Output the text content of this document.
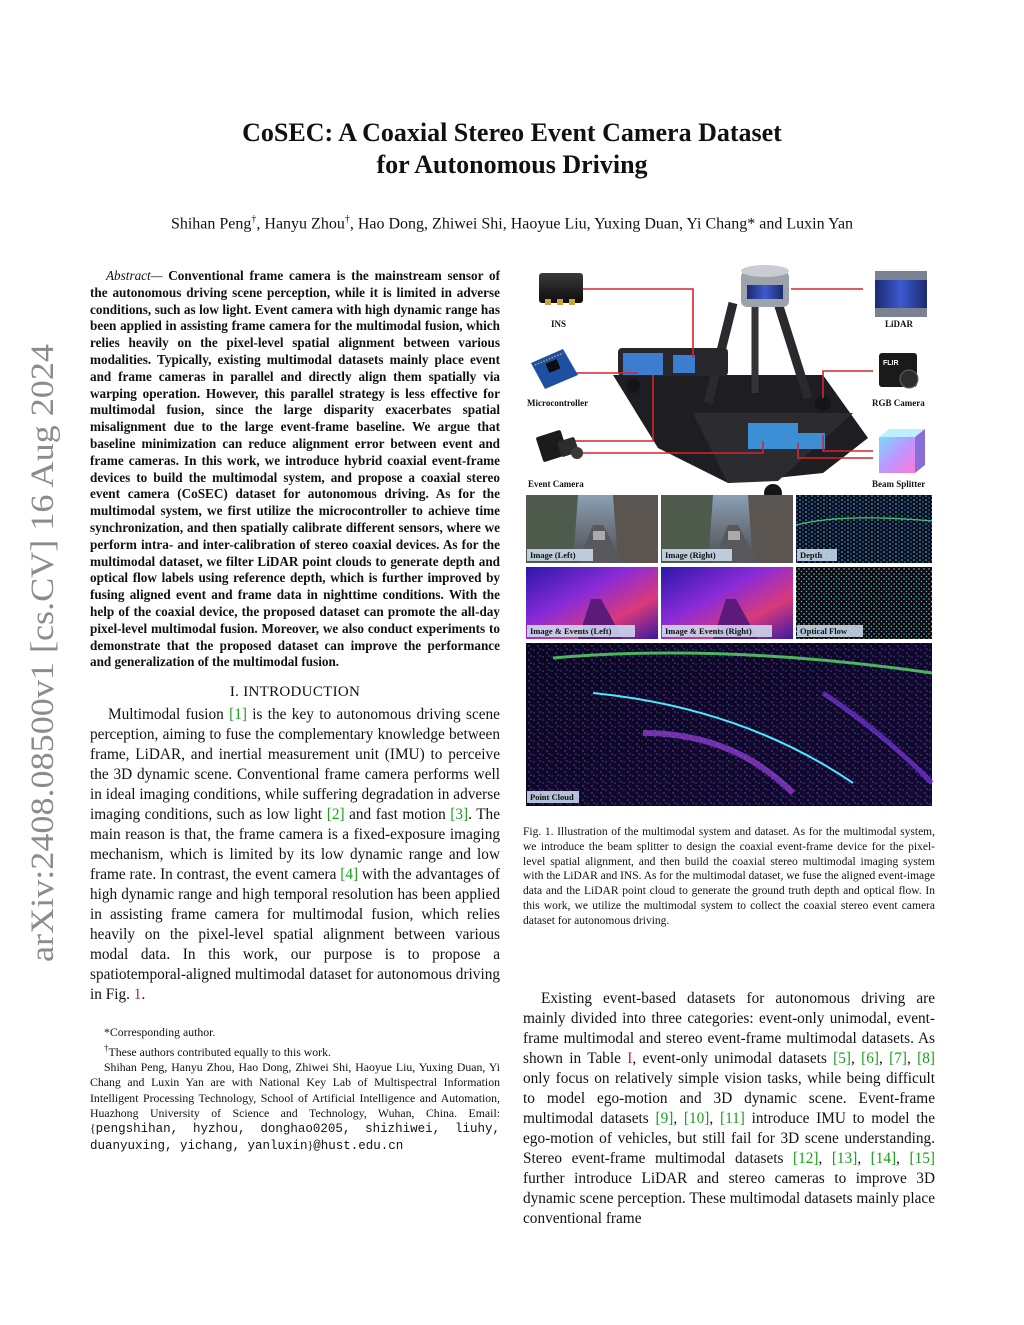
arXiv:2408.08500v1 [cs.CV] 16 Aug 2024
CoSEC: A Coaxial Stereo Event Camera Dataset
for Autonomous Driving
Shihan Peng†, Hanyu Zhou†, Hao Dong, Zhiwei Shi, Haoyue Liu, Yuxing Duan, Yi Chang* and Luxin Yan

Abstract— Conventional frame camera is the mainstream sensor of the autonomous driving scene perception, while it is limited in adverse conditions, such as low light. Event camera with high dynamic range has been applied in assisting frame camera for the multimodal fusion, which relies heavily on the pixel-level spatial alignment between various modalities. Typically, existing multimodal datasets mainly place event and frame cameras in parallel and directly align them spatially via warping operation. However, this parallel strategy is less effective for multimodal fusion, since the large disparity exacerbates spatial misalignment due to the large event-frame baseline. We argue that baseline minimization can reduce alignment error between event and frame cameras. In this work, we introduce hybrid coaxial event-frame devices to build the multimodal system, and propose a coaxial stereo event camera (CoSEC) dataset for autonomous driving. As for the multimodal system, we first utilize the microcontroller to achieve time synchronization, and then spatially calibrate different sensors, where we perform intra- and inter-calibration of stereo coaxial devices. As for the multimodal dataset, we filter LiDAR point clouds to generate depth and optical flow labels using reference depth, which is further improved by fusing aligned event and frame data in nighttime conditions. With the help of the coaxial device, the proposed dataset can promote the all-day pixel-level multimodal fusion. Moreover, we also conduct experiments to demonstrate that the proposed dataset can improve the performance and generalization of the multimodal fusion.

I. INTRODUCTION

Multimodal fusion [1] is the key to autonomous driving scene perception, aiming to fuse the complementary knowledge between frame, LiDAR, and inertial measurement unit (IMU) to perceive the 3D dynamic scene. Conventional frame camera performs well in ideal imaging conditions, while suffering degradation in adverse imaging conditions, such as low light [2] and fast motion [3]. The main reason is that, the frame camera is a fixed-exposure imaging mechanism, which is limited by its low dynamic range and low frame rate. In contrast, the event camera [4] with the advantages of high dynamic range and high temporal resolution has been applied in assisting frame camera for multimodal fusion, which relies heavily on the pixel-level spatial alignment between various modal data. In this work, our purpose is to propose a spatiotemporal-aligned multimodal dataset for autonomous driving in Fig. 1.

*Corresponding author.

†These authors contributed equally to this work.

Shihan Peng, Hanyu Zhou, Hao Dong, Zhiwei Shi, Haoyue Liu, Yuxing Duan, Yi Chang and Luxin Yan are with National Key Lab of Multispectral Information Intelligent Processing Technology, School of Artificial Intelligence and Automation, Huazhong University of Science and Technology, Wuhan, China. Email: {pengshihan, hyzhou, donghao0205, shizhiwei, liuhy, duanyuxing, yichang, yanluxin}@hust.edu.cn

INS	LiDAR
Microcontroller
FLIR
RGB Camera
Event Camera	Beam Splitter
Image (Left)	Image (Right)	Depth
Image & Events (Left)	Image & Events (Right)	Optical Flow
Point Cloud

Fig. 1. Illustration of the multimodal system and dataset. As for the multimodal system, we introduce the beam splitter to design the coaxial event-frame device for the pixel-level spatial alignment, and then build the coaxial stereo multimodal imaging system with the LiDAR and INS. As for the multimodal dataset, we fuse the aligned event-image data and the LiDAR point cloud to generate the ground truth depth and optical flow. In this work, we utilize the multimodal system to collect the coaxial stereo event camera dataset for autonomous driving.

Existing event-based datasets for autonomous driving are mainly divided into three categories: event-only unimodal, event-frame multimodal and stereo event-frame multimodal datasets. As shown in Table I, event-only unimodal datasets [5], [6], [7], [8] only focus on relatively simple vision tasks, while being difficult to model ego-motion and 3D dynamic scene. Event-frame multimodal datasets [9], [10], [11] introduce IMU to model the ego-motion of vehicles, but still fail for 3D scene understanding. Stereo event-frame multimodal datasets [12], [13], [14], [15] further introduce LiDAR and stereo cameras to improve 3D dynamic scene perception. These multimodal datasets mainly place conventional frame
